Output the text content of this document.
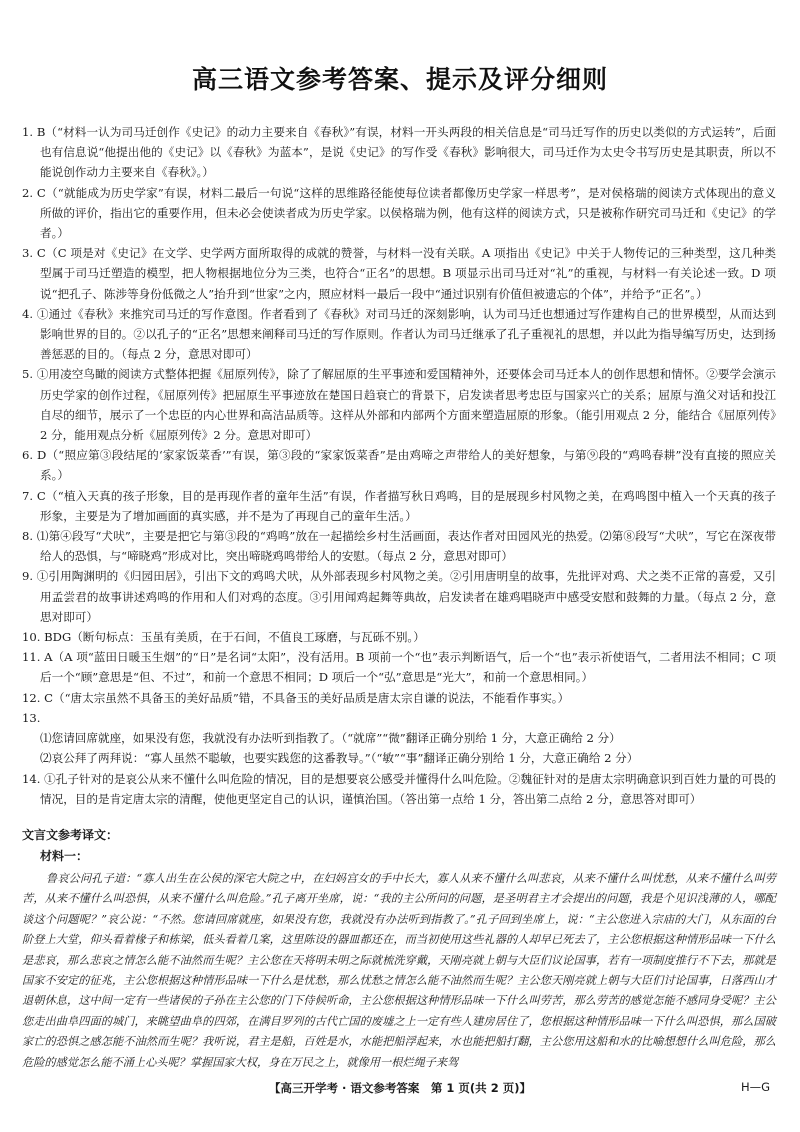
高三语文参考答案、提示及评分细则

1. B（“材料一认为司马迁创作《史记》的动力主要来自《春秋》”有误，材料一开头两段的相关信息是“司马迁写作的历史以类似的方式运转”，后面也有信息说“他提出他的《史记》以《春秋》为蓝本”，是说《史记》的写作受《春秋》影响很大，司马迁作为太史令书写历史是其职责，所以不能说创作动力主要来自《春秋》。）

2. C（“就能成为历史学家”有误，材料二最后一句说“这样的思维路径能使每位读者都像历史学家一样思考”，是对侯格瑞的阅读方式体现出的意义所做的评价，指出它的重要作用，但未必会使读者成为历史学家。以侯格瑞为例，他有这样的阅读方式，只是被称作研究司马迁和《史记》的学者。）

3. C（C 项是对《史记》在文学、史学两方面所取得的成就的赞誉，与材料一没有关联。A 项指出《史记》中关于人物传记的三种类型，这几种类型属于司马迁塑造的模型，把人物根据地位分为三类，也符合“正名”的思想。B 项显示出司马迁对“礼”的重视，与材料一有关论述一致。D 项说“把孔子、陈涉等身份低微之人”抬升到“世家”之内，照应材料一最后一段中“通过识别有价值但被遗忘的个体”，并给予“正名”。）

4. ①通过《春秋》来推究司马迁的写作意图。作者看到了《春秋》对司马迁的深刻影响，认为司马迁也想通过写作建构自己的世界模型，从而达到影响世界的目的。②以孔子的“正名”思想来阐释司马迁的写作原则。作者认为司马迁继承了孔子重视礼的思想，并以此为指导编写历史，达到扬善惩恶的目的。（每点 2 分，意思对即可）

5. ①用凌空鸟瞰的阅读方式整体把握《屈原列传》，除了了解屈原的生平事迹和爱国精神外，还要体会司马迁本人的创作思想和情怀。②要学会演示历史学家的创作过程，《屈原列传》把屈原生平事迹放在楚国日趋衰亡的背景下，启发读者思考忠臣与国家兴亡的关系；屈原与渔父对话和投江自尽的细节，展示了一个忠臣的内心世界和高洁品质等。这样从外部和内部两个方面来塑造屈原的形象。（能引用观点 2 分，能结合《屈原列传》2 分，能用观点分析《屈原列传》2 分。意思对即可）

6. D（“照应第③段结尾的‘家家饭菜香’”有误，第③段的“家家饭菜香”是由鸡啼之声带给人的美好想象，与第⑨段的“鸡鸣春耕”没有直接的照应关系。）

7. C（“植入天真的孩子形象，目的是再现作者的童年生活”有误，作者描写秋日鸡鸣，目的是展现乡村风物之美，在鸡鸣图中植入一个天真的孩子形象，主要是为了增加画面的真实感，并不是为了再现自己的童年生活。）

8. ⑴第④段写“犬吠”，主要是把它与第③段的“鸡鸣”放在一起描绘乡村生活画面，表达作者对田园风光的热爱。⑵第⑧段写“犬吠”，写它在深夜带给人的恐惧，与“啼晓鸡”形成对比，突出啼晓鸡鸣带给人的安慰。（每点 2 分，意思对即可）

9. ①引用陶渊明的《归园田居》，引出下文的鸡鸣犬吠，从外部表现乡村风物之美。②引用唐明皇的故事，先批评对鸡、犬之类不正常的喜爱，又引用孟尝君的故事讲述鸡鸣的作用和人们对鸡的态度。③引用闻鸡起舞等典故，启发读者在雄鸡唱晓声中感受安慰和鼓舞的力量。（每点 2 分，意思对即可）

10. BDG（断句标点：玉虽有美质，在于石间，不值良工琢磨，与瓦砾不别。）

11. A（A 项“蓝田日暖玉生烟”的“日”是名词“太阳”，没有活用。B 项前一个“也”表示判断语气，后一个“也”表示祈使语气，二者用法不相同；C 项后一个“顾”意思是“但、不过”，和前一个意思不相同；D 项后一个“弘”意思是“光大”，和前一个意思相同。）

12. C（“唐太宗虽然不具备玉的美好品质”错，不具备玉的美好品质是唐太宗自谦的说法，不能看作事实。）

13.
⑴您请回席就座，如果没有您，我就没有办法听到指教了。（“就席”“微”翻译正确分别给 1 分，大意正确给 2 分）
⑵哀公拜了两拜说：“寡人虽然不聪敏，也要实践您的这番教导。”（“敏”“事”翻译正确分别给 1 分，大意正确给 2 分）

14. ①孔子针对的是哀公从来不懂什么叫危险的情况，目的是想要哀公感受并懂得什么叫危险。②魏征针对的是唐太宗明确意识到百姓力量的可畏的情况，目的是肯定唐太宗的清醒，使他更坚定自己的认识，谨慎治国。（答出第一点给 1 分，答出第二点给 2 分，意思答对即可）

文言文参考译文：
材料一：

鲁哀公问孔子道：“寡人出生在公侯的深宅大院之中，在妇妈宫女的手中长大，寡人从来不懂什么叫悲哀，从来不懂什么叫忧愁，从来不懂什么叫劳苦，从来不懂什么叫恐惧，从来不懂什么叫危险。”孔子离开坐席，说：“我的主公所问的问题，是圣明君主才会提出的问题，我是个见识浅薄的人，哪配谈这个问题呢？”哀公说：“不然。您请回席就座，如果没有您，我就没有办法听到指教了。”孔子回到坐席上，说：“主公您进入宗庙的大门，从东面的台阶登上大堂，仰头看着椽子和栋梁，低头看着几案，这里陈设的器皿都还在，而当初使用这些礼器的人却早已死去了，主公您根据这种情形品味一下什么是悲哀，那么悲哀之情怎么能不油然而生呢？主公您在天将明未明之际就梳洗穿戴，天刚亮就上朝与大臣们议论国事，若有一项制度推行不下去，那就是国家不安定的征兆，主公您根据这种情形品味一下什么是忧愁，那么忧愁之情怎么能不油然而生呢？主公您天刚亮就上朝与大臣们讨论国事，日落西山才退朝休息，这中间一定有一些诸侯的子孙在主公您的门下侍候听命，主公您根据这种情形品味一下什么叫劳苦，那么劳苦的感觉怎能不感同身受呢？主公您走出曲阜四面的城门，来眺望曲阜的四郊，在满目罗列的古代亡国的废墟之上一定有些人建房居住了，您根据这种情形品味一下什么叫恐惧，那么国破家亡的恐惧之感怎能不油然而生呢？我听说，君主是船，百姓是水，水能把船浮起来，水也能把船打翻，主公您用这船和水的比喻想想什么叫危险，那么危险的感觉怎么能不涌上心头呢？掌握国家大权，身在万民之上，就像用一根烂绳子来驾

【高三开学考 · 语文参考答案　第 1 页(共 2 页)】	H—G
